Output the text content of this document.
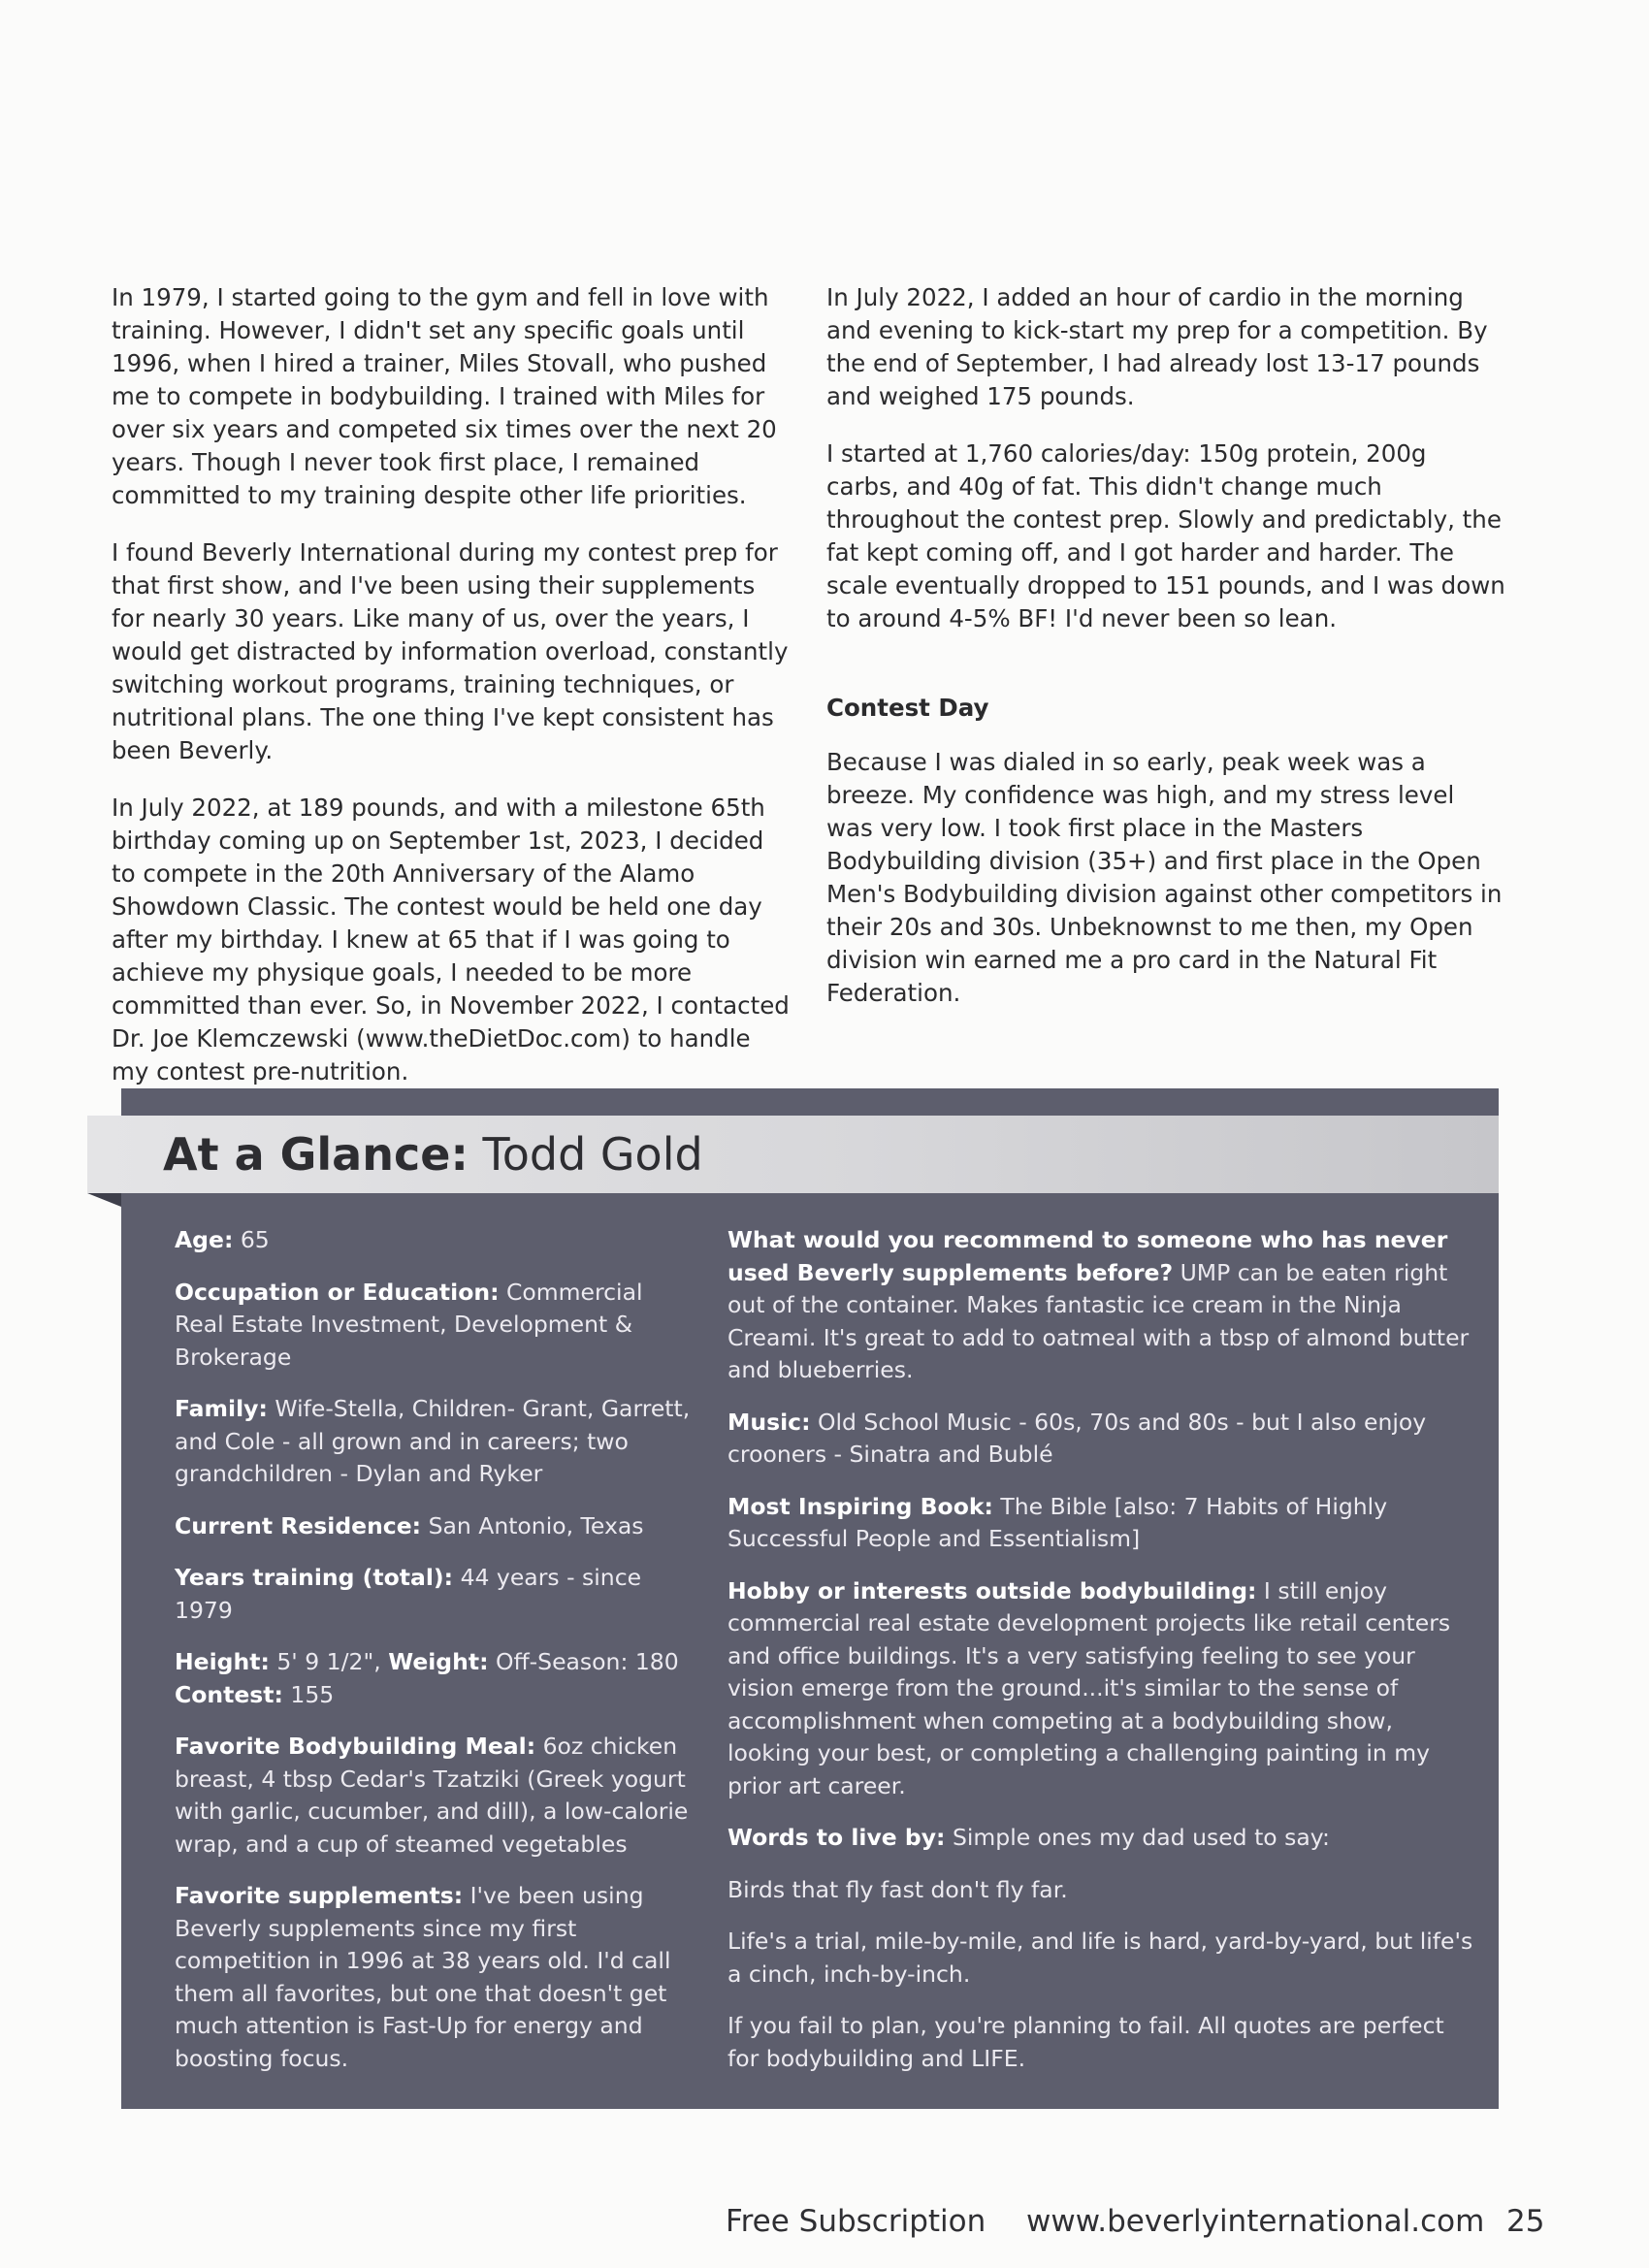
In 1979, I started going to the gym and fell in love with training. However, I didn't set any specific goals until 1996, when I hired a trainer, Miles Stovall, who pushed me to compete in bodybuilding. I trained with Miles for over six years and competed six times over the next 20 years. Though I never took first place, I remained committed to my training despite other life priorities.

I found Beverly International during my contest prep for that first show, and I've been using their supplements for nearly 30 years. Like many of us, over the years, I would get distracted by information overload, constantly switching workout programs, training techniques, or nutritional plans. The one thing I've kept consistent has been Beverly.

In July 2022, at 189 pounds, and with a milestone 65th birthday coming up on September 1st, 2023, I decided to compete in the 20th Anniversary of the Alamo Showdown Classic. The contest would be held one day after my birthday. I knew at 65 that if I was going to achieve my physique goals, I needed to be more committed than ever. So, in November 2022, I contacted Dr. Joe Klemczewski (www.theDietDoc.com) to handle my contest pre-nutrition.

In July 2022, I added an hour of cardio in the morning and evening to kick-start my prep for a competition. By the end of September, I had already lost 13-17 pounds and weighed 175 pounds.

I started at 1,760 calories/day: 150g protein, 200g carbs, and 40g of fat. This didn't change much throughout the contest prep. Slowly and predictably, the fat kept coming off, and I got harder and harder. The scale eventually dropped to 151 pounds, and I was down to around 4-5% BF! I'd never been so lean.

Contest Day

Because I was dialed in so early, peak week was a breeze. My confidence was high, and my stress level was very low. I took first place in the Masters Bodybuilding division (35+) and first place in the Open Men's Bodybuilding division against other competitors in their 20s and 30s. Unbeknownst to me then, my Open division win earned me a pro card in the Natural Fit Federation.

At a Glance: Todd Gold

Age: 65

Occupation or Education: Commercial Real Estate Investment, Development & Brokerage

Family: Wife-Stella, Children- Grant, Garrett, and Cole - all grown and in careers; two grandchildren - Dylan and Ryker

Current Residence: San Antonio, Texas

Years training (total): 44 years - since 1979

Height: 5' 9 1/2", Weight: Off-Season: 180 Contest: 155

Favorite Bodybuilding Meal: 6oz chicken breast, 4 tbsp Cedar's Tzatziki (Greek yogurt with garlic, cucumber, and dill), a low-calorie wrap, and a cup of steamed vegetables

Favorite supplements: I've been using Beverly supplements since my first competition in 1996 at 38 years old. I'd call them all favorites, but one that doesn't get much attention is Fast-Up for energy and boosting focus.

What would you recommend to someone who has never used Beverly supplements before? UMP can be eaten right out of the container. Makes fantastic ice cream in the Ninja Creami. It's great to add to oatmeal with a tbsp of almond butter and blueberries.

Music: Old School Music - 60s, 70s and 80s - but I also enjoy crooners - Sinatra and Bublé

Most Inspiring Book: The Bible [also: 7 Habits of Highly Successful People and Essentialism]

Hobby or interests outside bodybuilding: I still enjoy commercial real estate development projects like retail centers and office buildings. It's a very satisfying feeling to see your vision emerge from the ground...it's similar to the sense of accomplishment when competing at a bodybuilding show, looking your best, or completing a challenging painting in my prior art career.

Words to live by: Simple ones my dad used to say:

Birds that fly fast don't fly far.

Life's a trial, mile-by-mile, and life is hard, yard-by-yard, but life's a cinch, inch-by-inch.

If you fail to plan, you're planning to fail. All quotes are perfect for bodybuilding and LIFE.

Free Subscription www.beverlyinternational.com 25
